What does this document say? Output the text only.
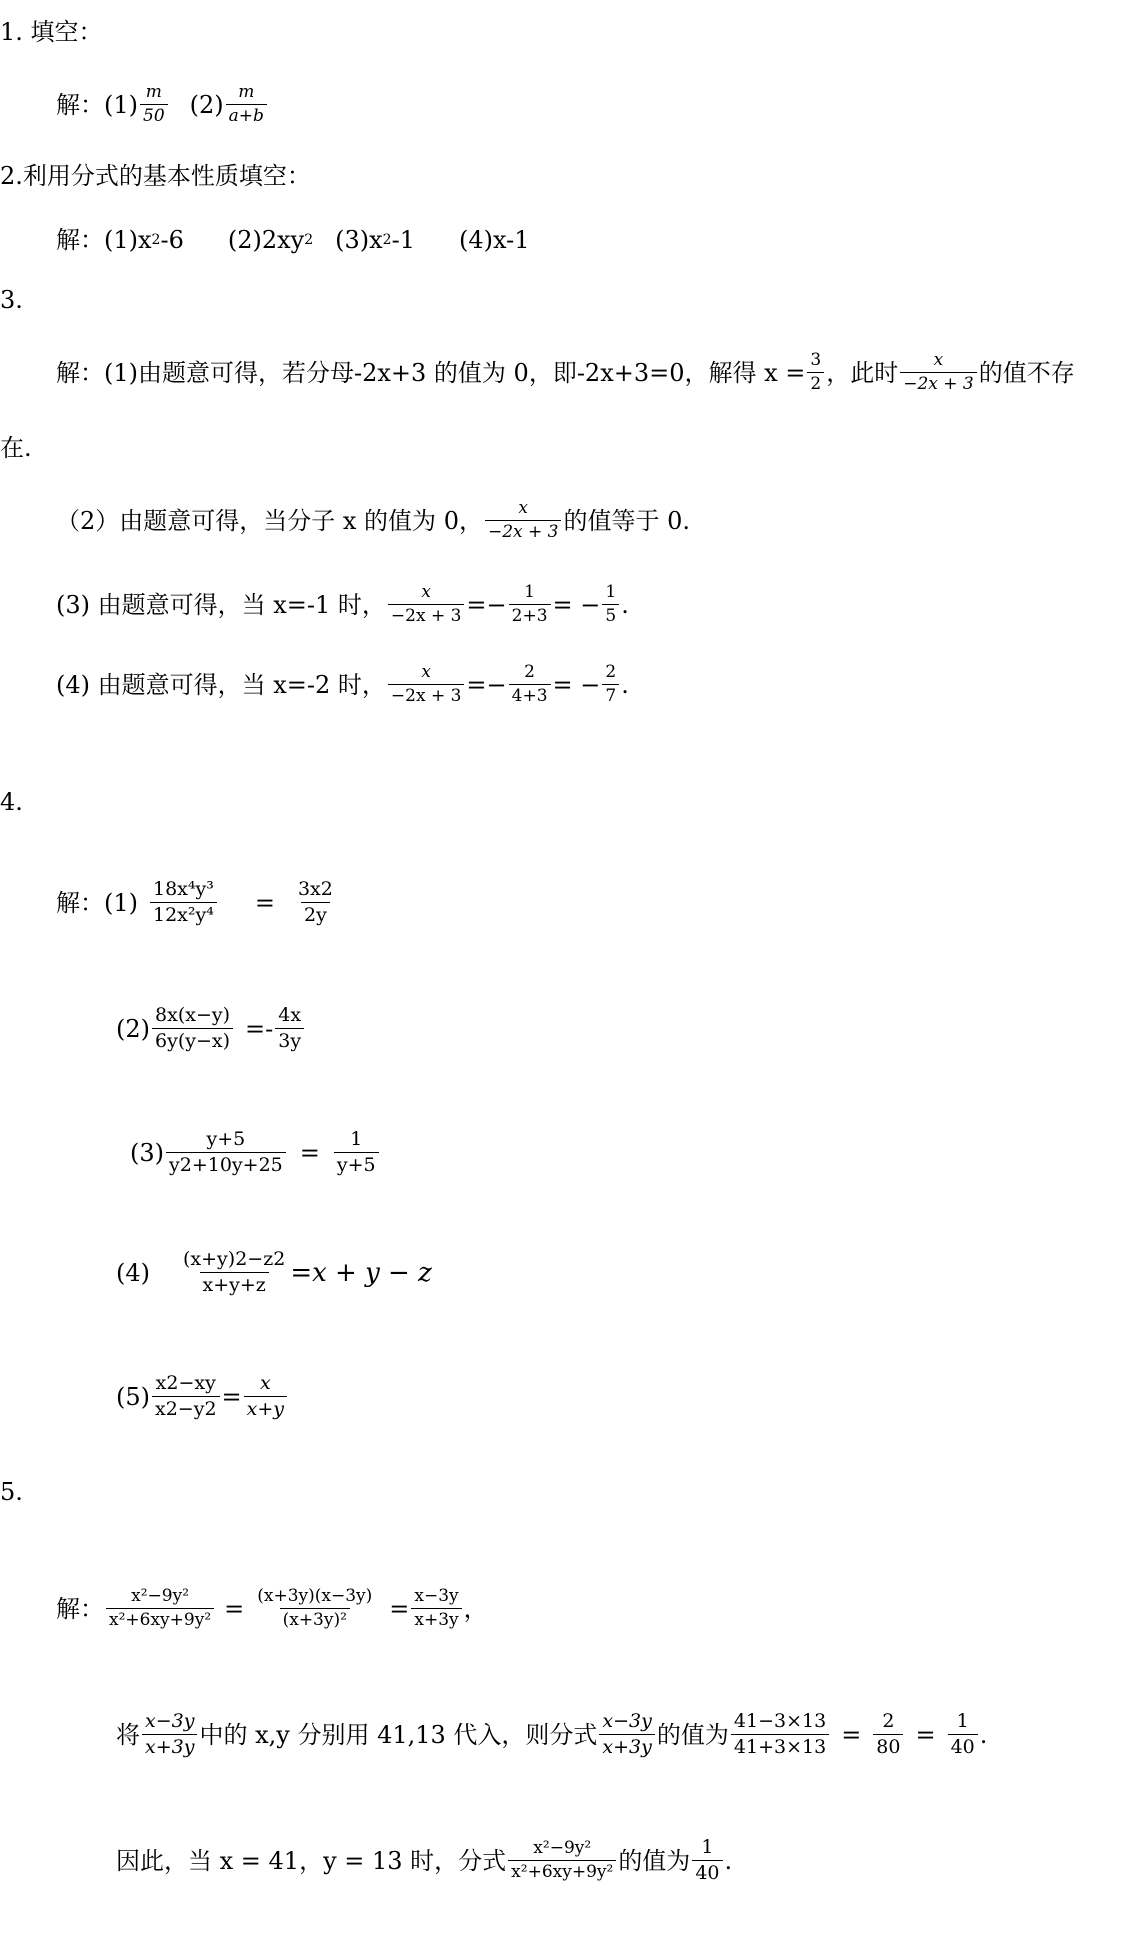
1. 填空：
解：$(1) \frac{m}{50} (2) \frac{m}{a+b}$
2.利用分式的基本性质填空：
解：(1)x 2 -6 (2)2xy 2 (3)x 2 -1 (4)x-1
3.
解：(1)由题意可得，若分母-2x+3 的值为 0，即-2x+3=0，解得 $x = \frac{3}{2}$ ，此时 $\frac{x}{-2x + 3}$ 的值不存
在.
（2）由题意可得，当分子 x 的值为 0， $\frac{x}{-2x + 3}$ 的值等于 0.
(3) 由题意可得，当 x=-1 时， $\frac{x}{-2x + 3} =- \frac{1}{2+3}$ = − $\frac{1}{5}$ .
(4) 由题意可得，当 x=-2 时， $\frac{x}{-2x + 3} =- \frac{2}{4+3}$ = − $\frac{2}{7}$ .
4.
解：$(1) \frac{\text{18x⁴y³}}{\text{12x²y⁴}} = \frac{3x2}{2y}$
$(2) \frac{8x(x-y)}{6y(y-x)} =- \frac{4x}{3y}$
$(3) \frac{y+5}{y2+10y+25} = \frac{1}{y+5}$
$(4) \frac{(x+y)2-z2}{x+y+z} =x + y - z$
$(5) \frac{x2-xy}{x2-y2} = \frac{x}{x+y}$
5.
解： $\frac{\text{x²−9y²}}{\text{x²+6xy+9y²}} = \frac{(x+3y)(x-3y)}{\text{(x+3y)²}} = \frac{x-3y}{x+3y}$ ，
将 $\frac{x-3y}{x+3y}$ 中的 x,y 分别用 41,13 代入，则分式 $\frac{x-3y}{x+3y}$ 的值为 $\frac{41-3\times 13}{41+3\times 13} = \frac{2}{80} = \frac{1}{40}$ .
因此，当 x = 41，y = 13 时，分式 $\frac{\text{x²−9y²}}{\text{x²+6xy+9y²}}$ 的值为 $\frac{1}{40}$ .
